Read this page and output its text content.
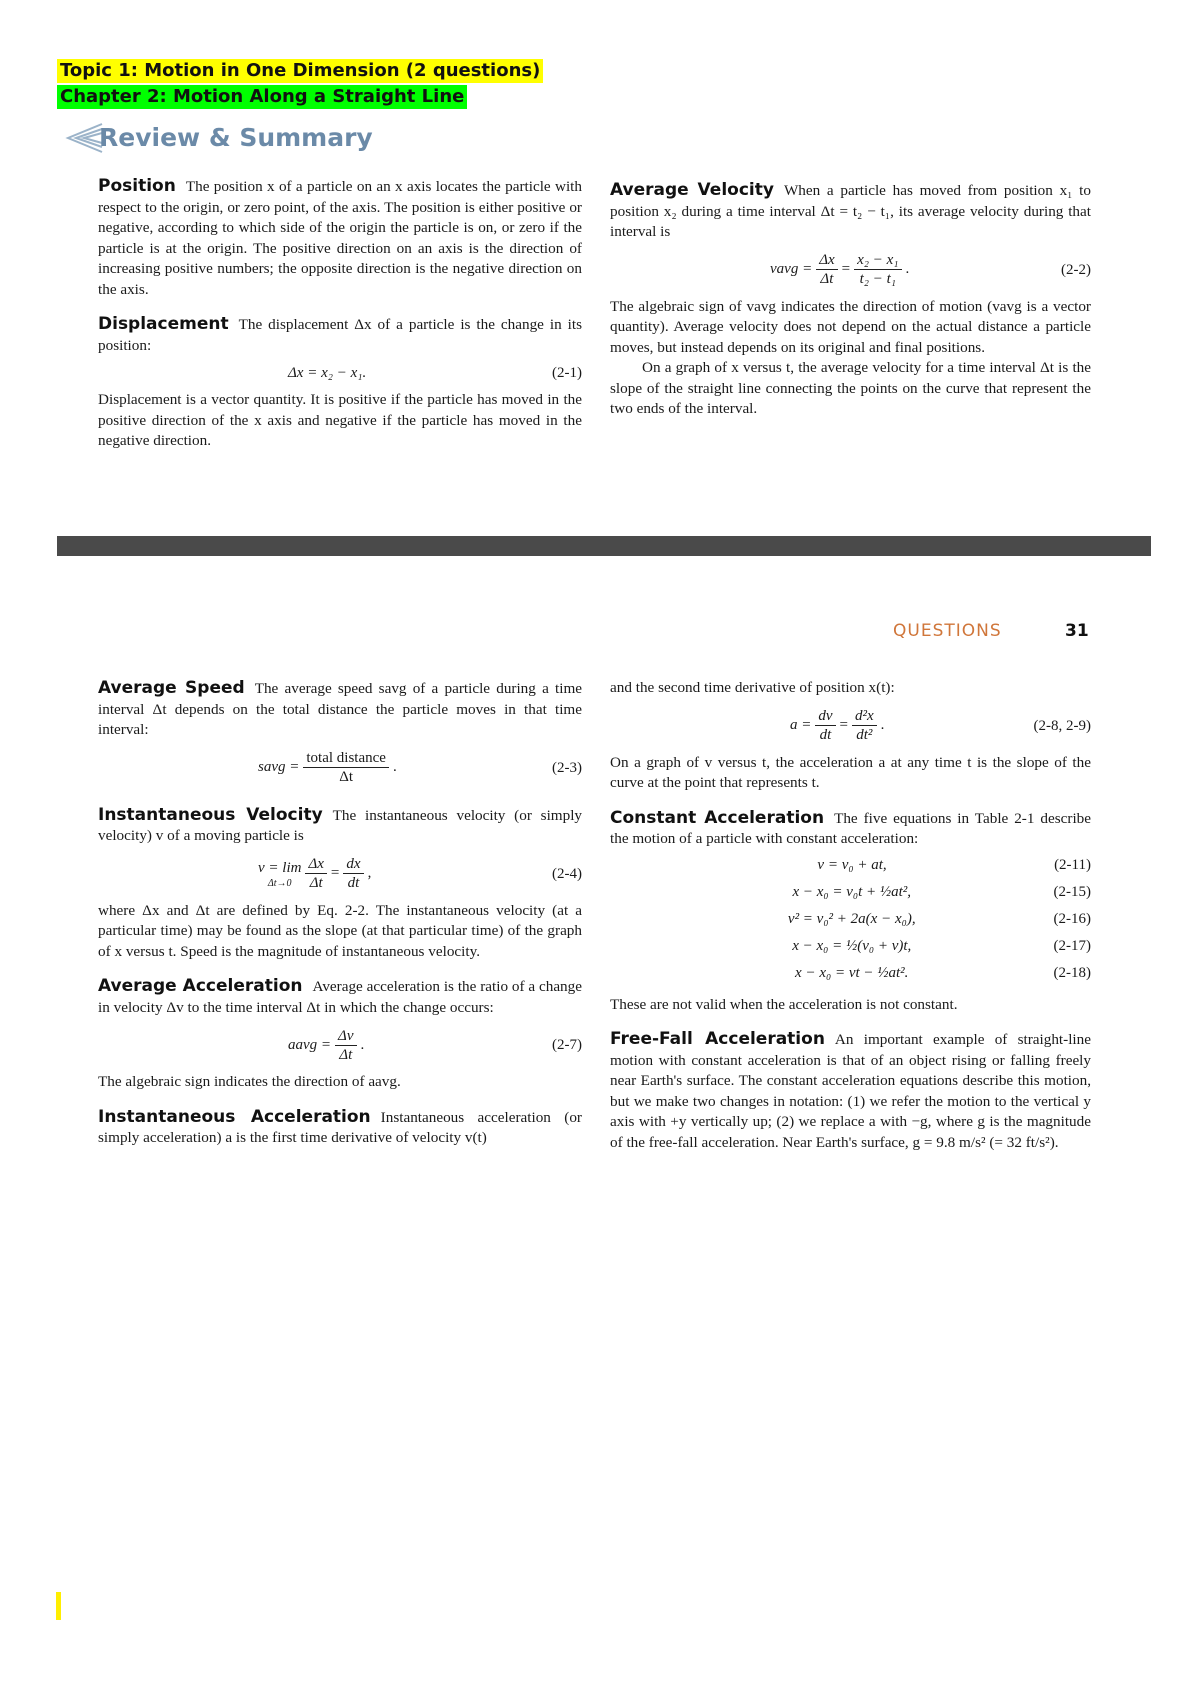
Topic 1: Motion in One Dimension (2 questions)
Chapter 2: Motion Along a Straight Line
Review & Summary

Position The position x of a particle on an x axis locates the particle with respect to the origin, or zero point, of the axis. The position is either positive or negative, according to which side of the origin the particle is on, or zero if the particle is at the origin. The positive direction on an axis is the direction of increasing positive numbers; the opposite direction is the negative direction on the axis.

Displacement The displacement Δx of a particle is the change in its position:

Δx = x₂ − x₁.	(2-1)

Displacement is a vector quantity. It is positive if the particle has moved in the positive direction of the x axis and negative if the particle has moved in the negative direction.

Average Velocity When a particle has moved from position x₁ to position x₂ during a time interval Δt = t₂ − t₁, its average velocity during that interval is

vavg = $\frac{\Delta x}{\Delta t} = \frac{\text{x₂ − x₁}}{\text{t₂ − t₁}}$ .	(2-2)

The algebraic sign of vavg indicates the direction of motion (vavg is a vector quantity). Average velocity does not depend on the actual distance a particle moves, but instead depends on its original and final positions.

On a graph of x versus t, the average velocity for a time interval Δt is the slope of the straight line connecting the points on the curve that represent the two ends of the interval.

QUESTIONS	31

Average Speed The average speed savg of a particle during a time interval Δt depends on the total distance the particle moves in that time interval:

savg = $\frac{\text{total distance}}{\Delta t}$ .	(2-3)

Instantaneous Velocity The instantaneous velocity (or simply velocity) v of a moving particle is

v = lim
$\Delta t\to 0 \frac{\Delta x}{\Delta t} = \frac{dx}{dt}$ ,	(2-4)

where Δx and Δt are defined by Eq. 2-2. The instantaneous velocity (at a particular time) may be found as the slope (at that particular time) of the graph of x versus t. Speed is the magnitude of instantaneous velocity.

Average Acceleration Average acceleration is the ratio of a change in velocity Δv to the time interval Δt in which the change occurs:

aavg = $\frac{\Delta v}{\Delta t}$ .	(2-7)

The algebraic sign indicates the direction of aavg.

Instantaneous Acceleration Instantaneous acceleration (or simply acceleration) a is the first time derivative of velocity v(t)

and the second time derivative of position x(t):

$a = \frac{dv}{dt} = \frac{\text{d²x}}{\text{dt²}}$ .	(2-8, 2-9)

On a graph of v versus t, the acceleration a at any time t is the slope of the curve at the point that represents t.

Constant Acceleration The five equations in Table 2-1 describe the motion of a particle with constant acceleration:

v = v₀ + at,	(2-11)
x − x₀ = v₀t + ½at²,	(2-15)
v² = v₀² + 2a(x − x₀),	(2-16)
x − x₀ = ½(v₀ + v)t,	(2-17)
x − x₀ = vt − ½at².	(2-18)

These are not valid when the acceleration is not constant.

Free-Fall Acceleration An important example of straight-line motion with constant acceleration is that of an object rising or falling freely near Earth's surface. The constant acceleration equations describe this motion, but we make two changes in notation: (1) we refer the motion to the vertical y axis with +y vertically up; (2) we replace a with −g, where g is the magnitude of the free-fall acceleration. Near Earth's surface, g = 9.8 m/s² (= 32 ft/s²).
